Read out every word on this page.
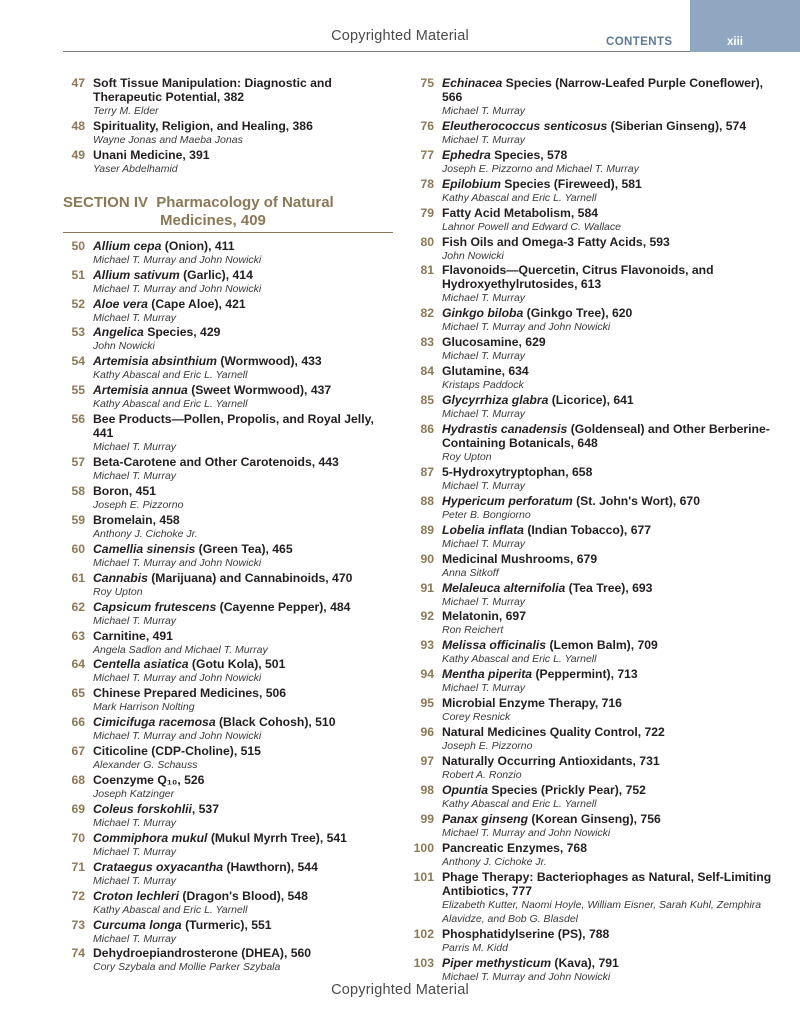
CONTENTS	xiii
Copyrighted Material
47 Soft Tissue Manipulation: Diagnostic and Therapeutic Potential, 382
Terry M. Elder
48 Spirituality, Religion, and Healing, 386
Wayne Jonas and Maeba Jonas
49 Unani Medicine, 391
Yaser Abdelhamid
SECTION IV Pharmacology of Natural
Medicines, 409
50 Allium cepa (Onion), 411
Michael T. Murray and John Nowicki
51 Allium sativum (Garlic), 414
Michael T. Murray and John Nowicki
52 Aloe vera (Cape Aloe), 421
Michael T. Murray
53 Angelica Species, 429
John Nowicki
54 Artemisia absinthium (Wormwood), 433
Kathy Abascal and Eric L. Yarnell
55 Artemisia annua (Sweet Wormwood), 437
Kathy Abascal and Eric L. Yarnell
56 Bee Products—Pollen, Propolis, and Royal Jelly, 441
Michael T. Murray
57 Beta-Carotene and Other Carotenoids, 443
Michael T. Murray
58 Boron, 451
Joseph E. Pizzorno
59 Bromelain, 458
Anthony J. Cichoke Jr.
60 Camellia sinensis (Green Tea), 465
Michael T. Murray and John Nowicki
61 Cannabis (Marijuana) and Cannabinoids, 470
Roy Upton
62 Capsicum frutescens (Cayenne Pepper), 484
Michael T. Murray
63 Carnitine, 491
Angela Sadlon and Michael T. Murray
64 Centella asiatica (Gotu Kola), 501
Michael T. Murray and John Nowicki
65 Chinese Prepared Medicines, 506
Mark Harrison Nolting
66 Cimicifuga racemosa (Black Cohosh), 510
Michael T. Murray and John Nowicki
67 Citicoline (CDP-Choline), 515
Alexander G. Schauss
68 Coenzyme Q₁₀, 526
Joseph Katzinger
69 Coleus forskohlii, 537
Michael T. Murray
70 Commiphora mukul (Mukul Myrrh Tree), 541
Michael T. Murray
71 Crataegus oxyacantha (Hawthorn), 544
Michael T. Murray
72 Croton lechleri (Dragon's Blood), 548
Kathy Abascal and Eric L. Yarnell
73 Curcuma longa (Turmeric), 551
Michael T. Murray
74 Dehydroepiandrosterone (DHEA), 560
Cory Szybala and Mollie Parker Szybala
75 Echinacea Species (Narrow-Leafed Purple Coneflower), 566
Michael T. Murray
76 Eleutherococcus senticosus (Siberian Ginseng), 574
Michael T. Murray
77 Ephedra Species, 578
Joseph E. Pizzorno and Michael T. Murray
78 Epilobium Species (Fireweed), 581
Kathy Abascal and Eric L. Yarnell
79 Fatty Acid Metabolism, 584
Lahnor Powell and Edward C. Wallace
80 Fish Oils and Omega-3 Fatty Acids, 593
John Nowicki
81 Flavonoids—Quercetin, Citrus Flavonoids, and Hydroxyethylrutosides, 613
Michael T. Murray
82 Ginkgo biloba (Ginkgo Tree), 620
Michael T. Murray and John Nowicki
83 Glucosamine, 629
Michael T. Murray
84 Glutamine, 634
Kristaps Paddock
85 Glycyrrhiza glabra (Licorice), 641
Michael T. Murray
86 Hydrastis canadensis (Goldenseal) and Other Berberine-Containing Botanicals, 648
Roy Upton
87 5-Hydroxytryptophan, 658
Michael T. Murray
88 Hypericum perforatum (St. John's Wort), 670
Peter B. Bongiorno
89 Lobelia inflata (Indian Tobacco), 677
Michael T. Murray
90 Medicinal Mushrooms, 679
Anna Sitkoff
91 Melaleuca alternifolia (Tea Tree), 693
Michael T. Murray
92 Melatonin, 697
Ron Reichert
93 Melissa officinalis (Lemon Balm), 709
Kathy Abascal and Eric L. Yarnell
94 Mentha piperita (Peppermint), 713
Michael T. Murray
95 Microbial Enzyme Therapy, 716
Corey Resnick
96 Natural Medicines Quality Control, 722
Joseph E. Pizzorno
97 Naturally Occurring Antioxidants, 731
Robert A. Ronzio
98 Opuntia Species (Prickly Pear), 752
Kathy Abascal and Eric L. Yarnell
99 Panax ginseng (Korean Ginseng), 756
Michael T. Murray and John Nowicki
100 Pancreatic Enzymes, 768
Anthony J. Cichoke Jr.
101 Phage Therapy: Bacteriophages as Natural, Self-Limiting Antibiotics, 777
Elizabeth Kutter, Naomi Hoyle, William Eisner, Sarah Kuhl, Zemphira Alavidze, and Bob G. Blasdel
102 Phosphatidylserine (PS), 788
Parris M. Kidd
103 Piper methysticum (Kava), 791
Michael T. Murray and John Nowicki
Copyrighted Material
